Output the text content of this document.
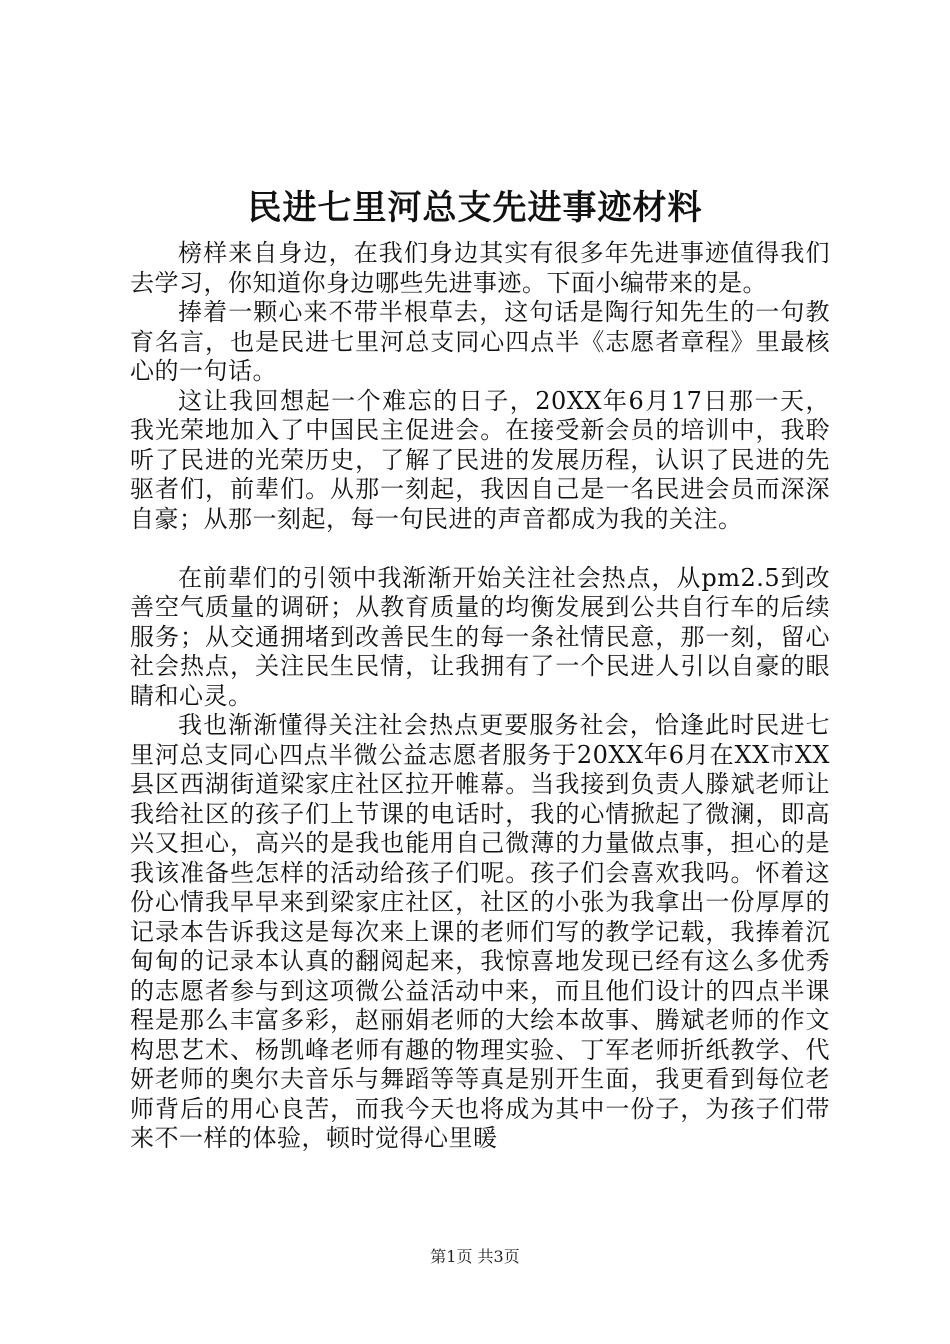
民进七里河总支先进事迹材料

榜样来自身边，在我们身边其实有很多年先进事迹值得我们去学习，你知道你身边哪些先进事迹。下面小编带来的是。

捧着一颗心来不带半根草去，这句话是陶行知先生的一句教育名言，也是民进七里河总支同心四点半《志愿者章程》里最核心的一句话。

这让我回想起一个难忘的日子，20XX年6月17日那一天，我光荣地加入了中国民主促进会。在接受新会员的培训中，我聆听了民进的光荣历史，了解了民进的发展历程，认识了民进的先驱者们，前辈们。从那一刻起，我因自己是一名民进会员而深深自豪；从那一刻起，每一句民进的声音都成为我的关注。

在前辈们的引领中我渐渐开始关注社会热点，从pm2.5到改善空气质量的调研；从教育质量的均衡发展到公共自行车的后续服务；从交通拥堵到改善民生的每一条社情民意，那一刻，留心社会热点，关注民生民情，让我拥有了一个民进人引以自豪的眼睛和心灵。

我也渐渐懂得关注社会热点更要服务社会，恰逢此时民进七里河总支同心四点半微公益志愿者服务于20XX年6月在XX市XX县区西湖街道梁家庄社区拉开帷幕。当我接到负责人滕斌老师让我给社区的孩子们上节课的电话时，我的心情掀起了微澜，即高兴又担心，高兴的是我也能用自己微薄的力量做点事，担心的是我该准备些怎样的活动给孩子们呢。孩子们会喜欢我吗。怀着这份心情我早早来到梁家庄社区，社区的小张为我拿出一份厚厚的记录本告诉我这是每次来上课的老师们写的教学记载，我捧着沉甸甸的记录本认真的翻阅起来，我惊喜地发现已经有这么多优秀的志愿者参与到这项微公益活动中来，而且他们设计的四点半课程是那么丰富多彩，赵丽娟老师的大绘本故事、腾斌老师的作文构思艺术、杨凯峰老师有趣的物理实验、丁军老师折纸教学、代妍老师的奥尔夫音乐与舞蹈等等真是别开生面，我更看到每位老师背后的用心良苦，而我今天也将成为其中一份子，为孩子们带来不一样的体验，顿时觉得心里暖

第1页 共3页
